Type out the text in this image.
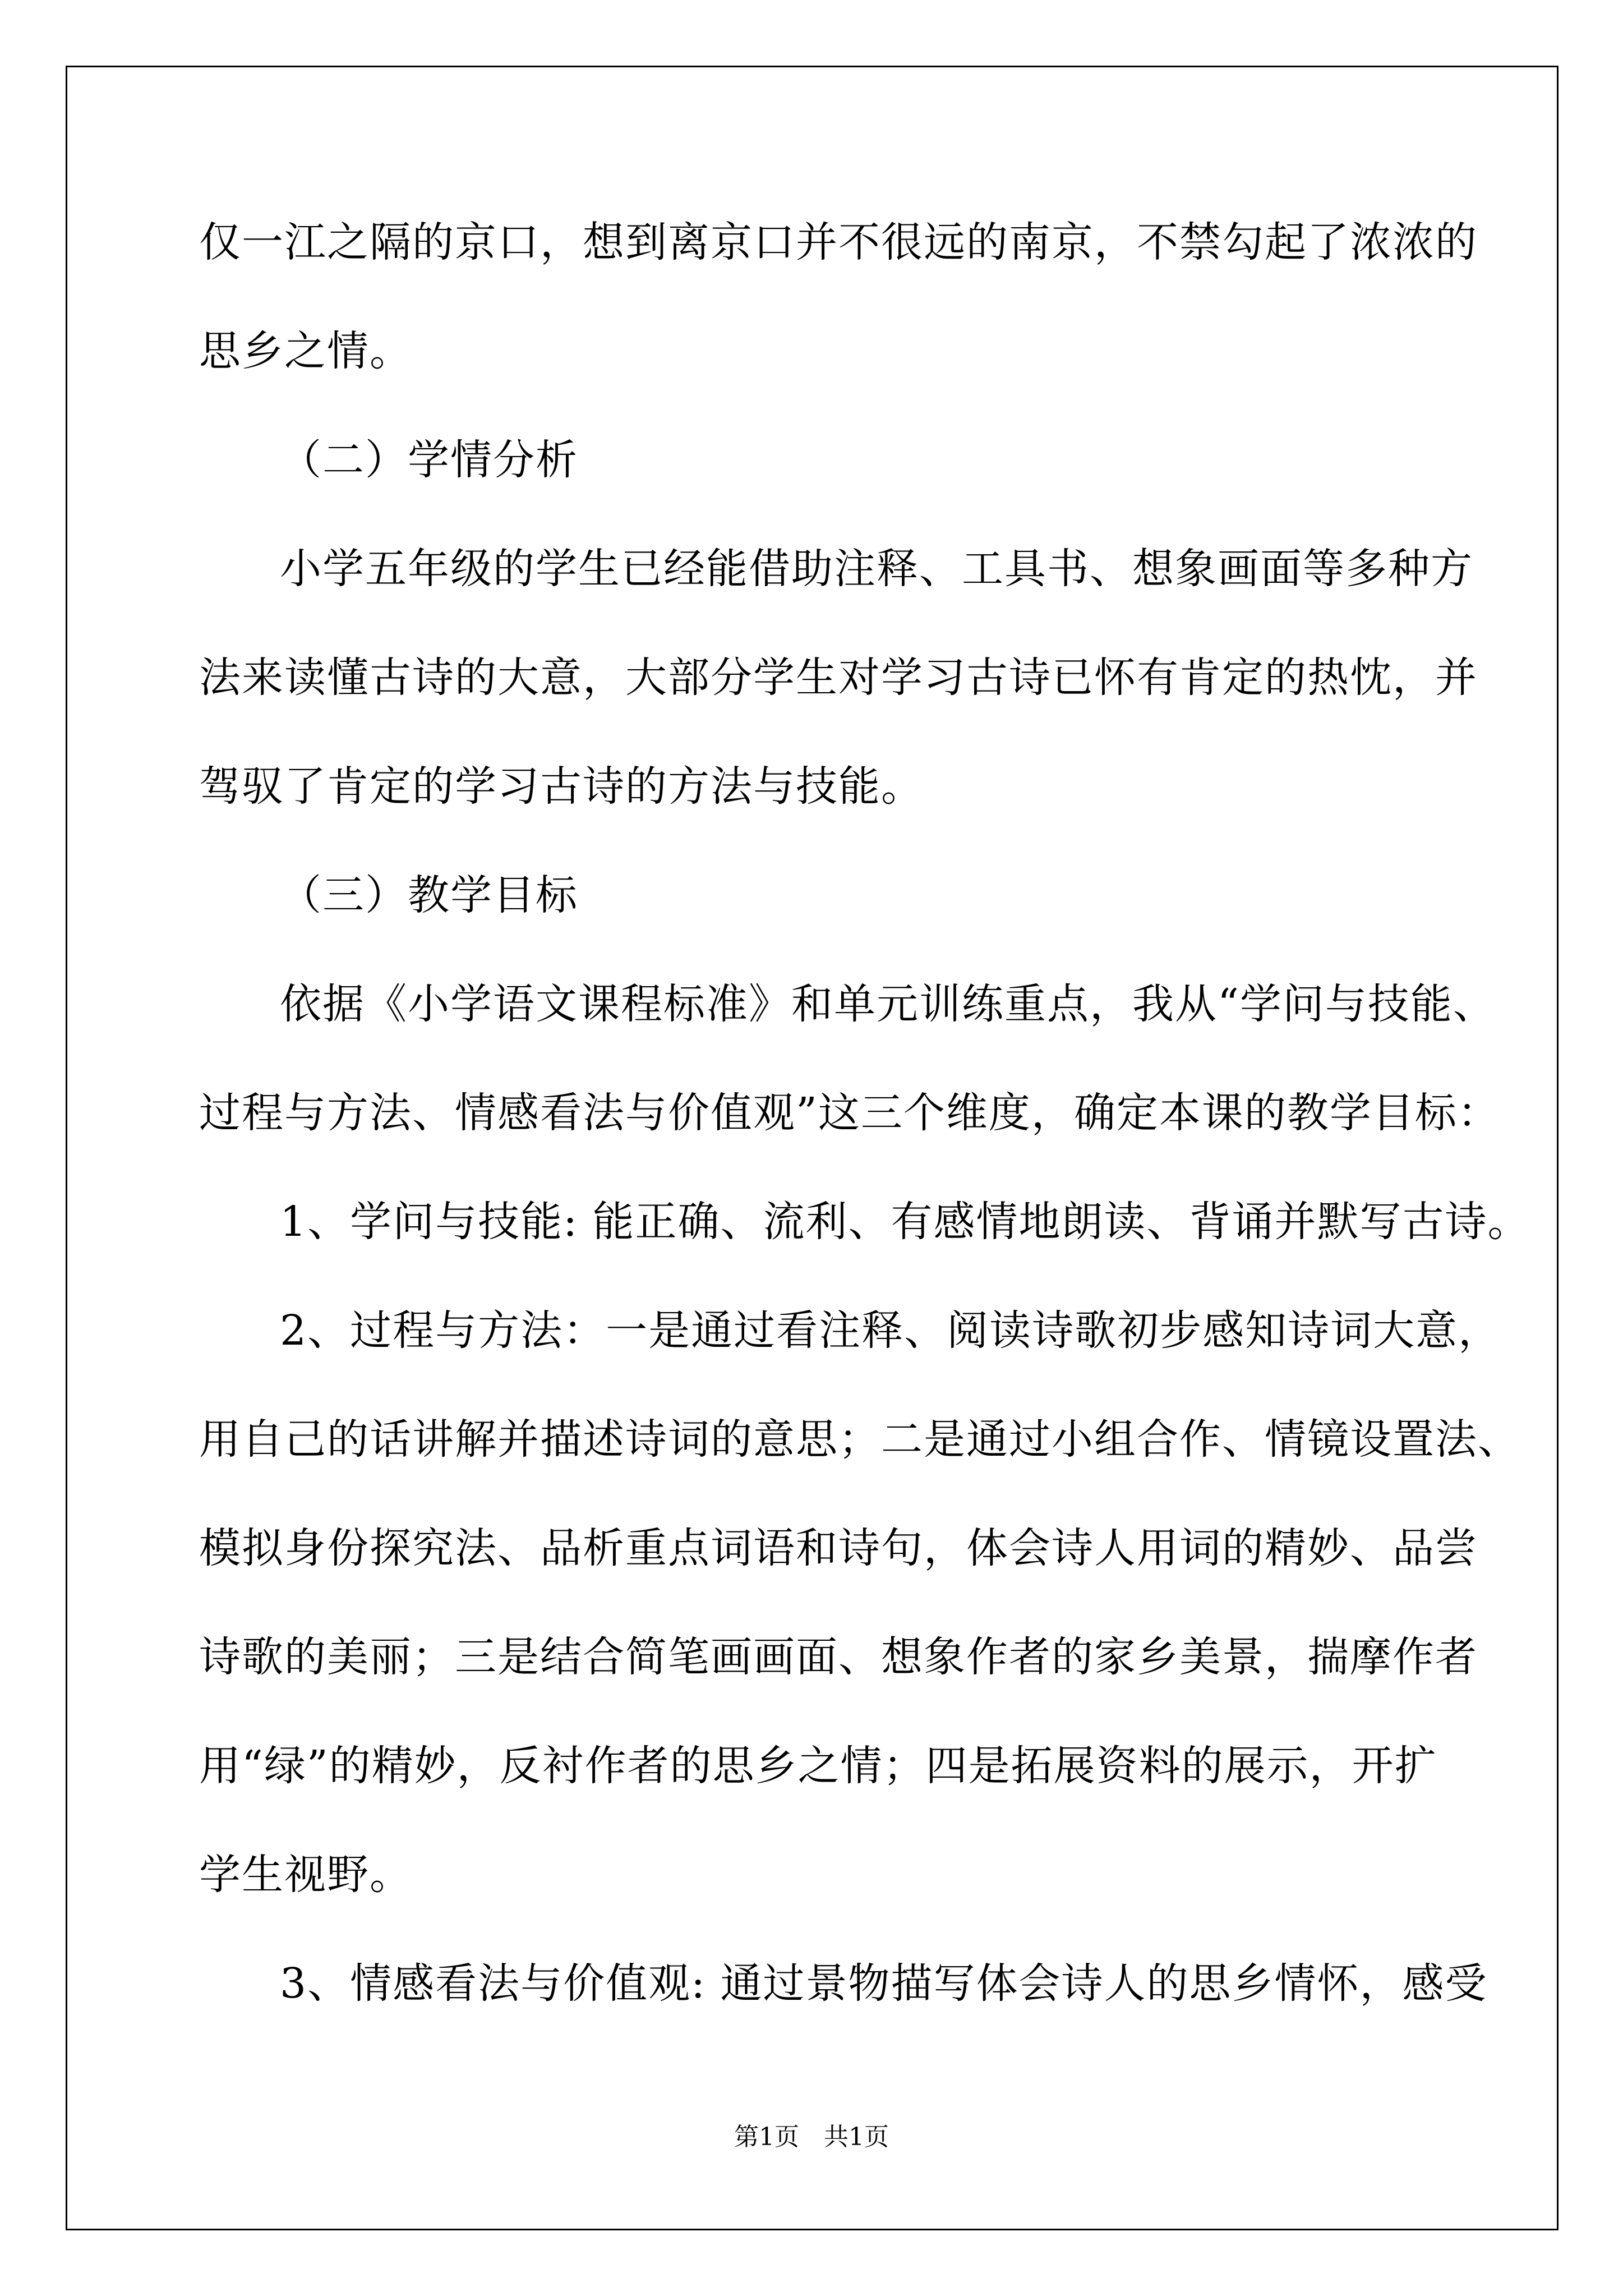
仅一江之隔的京口，想到离京口并不很远的南京，不禁勾起了浓浓的
思乡之情。
（二）学情分析
小学五年级的学生已经能借助注释、工具书、想象画面等多种方
法来读懂古诗的大意，大部分学生对学习古诗已怀有肯定的热忱，并
驾驭了肯定的学习古诗的方法与技能。
（三）教学目标
依据《小学语文课程标准》和单元训练重点，我从“学问与技能、
过程与方法、情感看法与价值观”这三个维度，确定本课的教学目标：
1、学问与技能: 能正确、流利、有感情地朗读、背诵并默写古诗。
2、过程与方法：一是通过看注释、阅读诗歌初步感知诗词大意，
用自己的话讲解并描述诗词的意思；二是通过小组合作、情镜设置法、
模拟身份探究法、品析重点词语和诗句，体会诗人用词的精妙、品尝
诗歌的美丽；三是结合简笔画画面、想象作者的家乡美景，揣摩作者
用“绿”的精妙，反衬作者的思乡之情；四是拓展资料的展示，开扩
学生视野。
3、情感看法与价值观: 通过景物描写体会诗人的思乡情怀，感受
第1页　共1页
